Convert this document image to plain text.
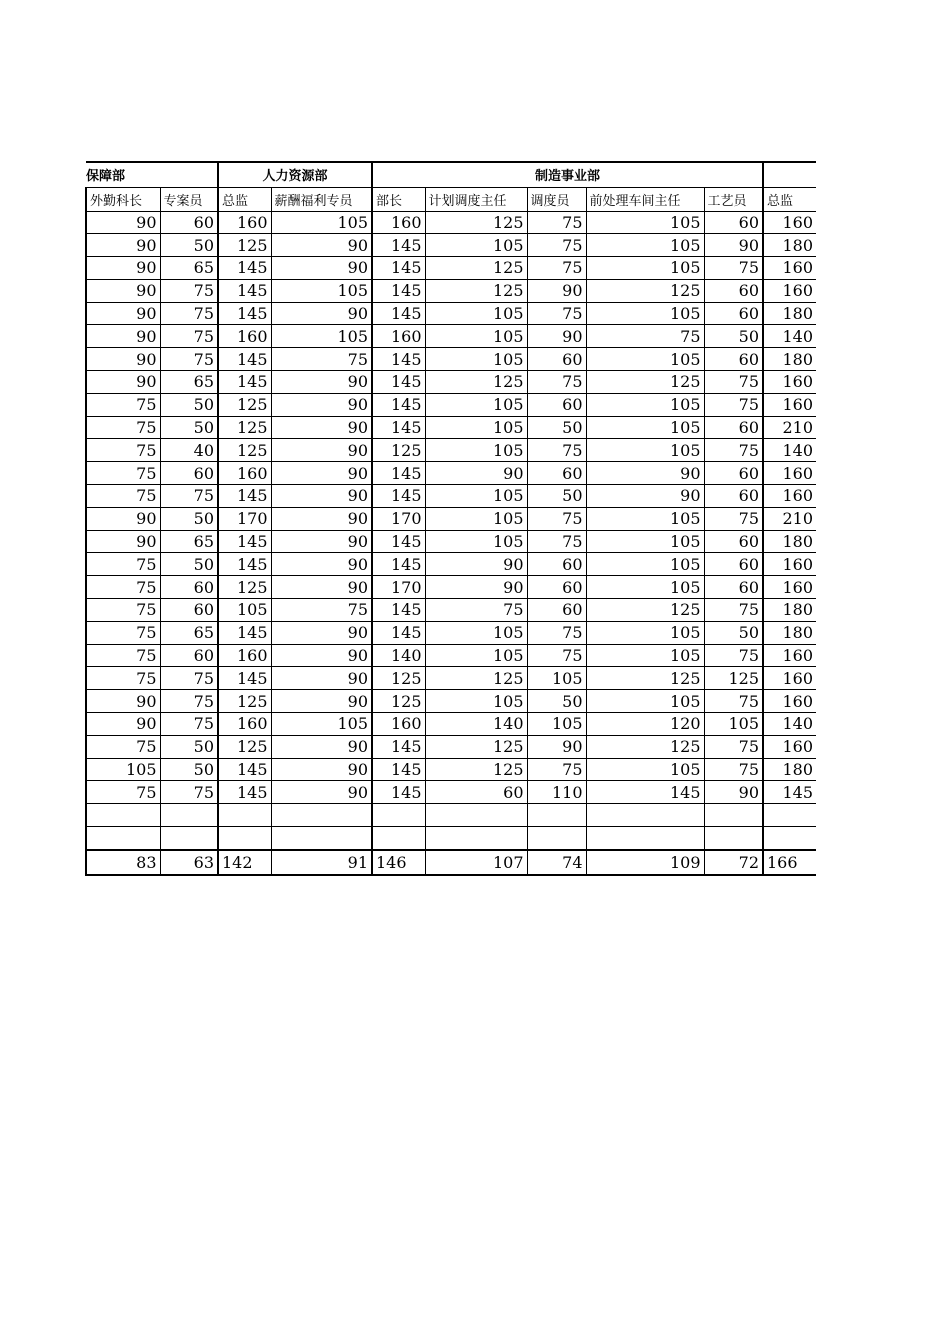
保障部		人力资源部		制造事业部					
外勤科长	专案员	总监	薪酬福利专员	部长	计划调度主任	调度员	前处理车间主任	工艺员	总监
90	60	160	105	160	125	75	105	60	160
90	50	125	90	145	105	75	105	90	180
90	65	145	90	145	125	75	105	75	160
90	75	145	105	145	125	90	125	60	160
90	75	145	90	145	105	75	105	60	180
90	75	160	105	160	105	90	75	50	140
90	75	145	75	145	105	60	105	60	180
90	65	145	90	145	125	75	125	75	160
75	50	125	90	145	105	60	105	75	160
75	50	125	90	145	105	50	105	60	210
75	40	125	90	125	105	75	105	75	140
75	60	160	90	145	90	60	90	60	160
75	75	145	90	145	105	50	90	60	160
90	50	170	90	170	105	75	105	75	210
90	65	145	90	145	105	75	105	60	180
75	50	145	90	145	90	60	105	60	160
75	60	125	90	170	90	60	105	60	160
75	60	105	75	145	75	60	125	75	180
75	65	145	90	145	105	75	105	50	180
75	60	160	90	140	105	75	105	75	160
75	75	145	90	125	125	105	125	125	160
90	75	125	90	125	105	50	105	75	160
90	75	160	105	160	140	105	120	105	140
75	50	125	90	145	125	90	125	75	160
105	50	145	90	145	125	75	105	75	180
75	75	145	90	145	60	110	145	90	145

83	63	142	91	146	107	74	109	72	166
